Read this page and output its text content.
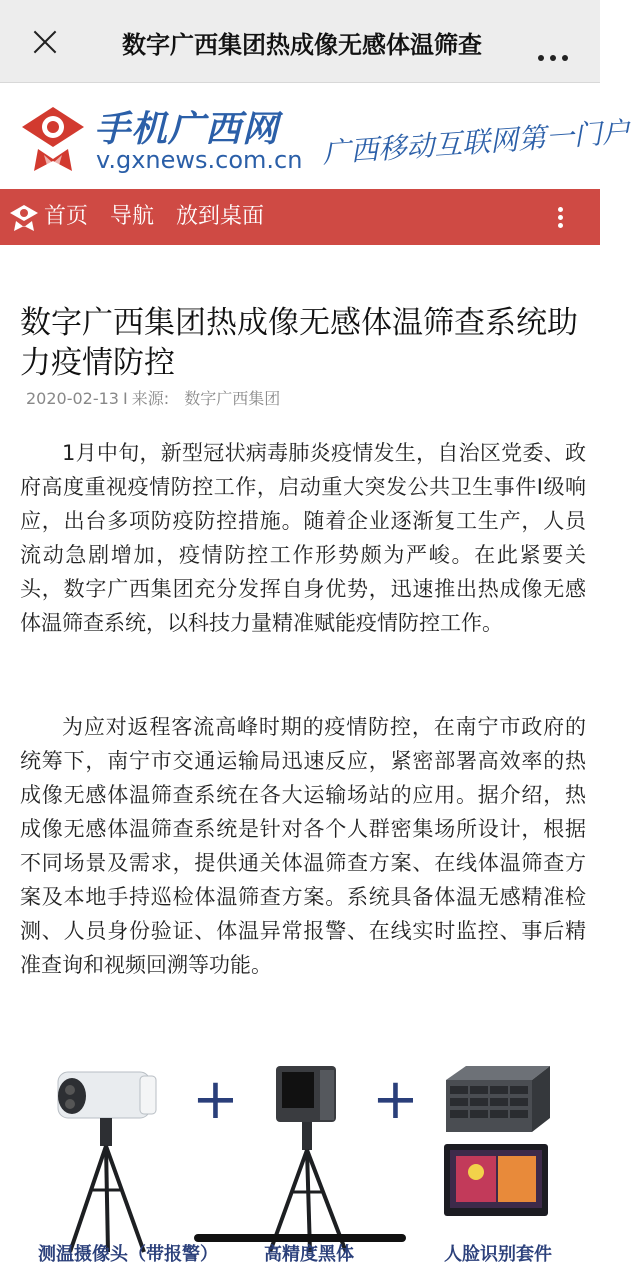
数字广西集团热成像无感体温筛查
手机广西网
v.gxnews.com.cn 广西移动互联网第一门户
首页 导航 放到桌面
数字广西集团热成像无感体温筛查系统助力疫情防控
2020-02-13 I 来源: 数字广西集团

1月中旬，新型冠状病毒肺炎疫情发生，自治区党委、政府高度重视疫情防控工作，启动重大突发公共卫生事件I级响应，出台多项防疫防控措施。随着企业逐渐复工生产，人员流动急剧增加，疫情防控工作形势颇为严峻。在此紧要关头，数字广西集团充分发挥自身优势，迅速推出热成像无感体温筛查系统，以科技力量精准赋能疫情防控工作。

为应对返程客流高峰时期的疫情防控，在南宁市政府的统筹下，南宁市交通运输局迅速反应，紧密部署高效率的热成像无感体温筛查系统在各大运输场站的应用。据介绍，热成像无感体温筛查系统是针对各个人群密集场所设计，根据不同场景及需求，提供通关体温筛查方案、在线体温筛查方案及本地手持巡检体温筛查方案。系统具备体温无感精准检测、人员身份验证、体温异常报警、在线实时监控、事后精准查询和视频回溯等功能。

+ +
测温摄像头（带报警）	高精度黑体	人脸识别套件
